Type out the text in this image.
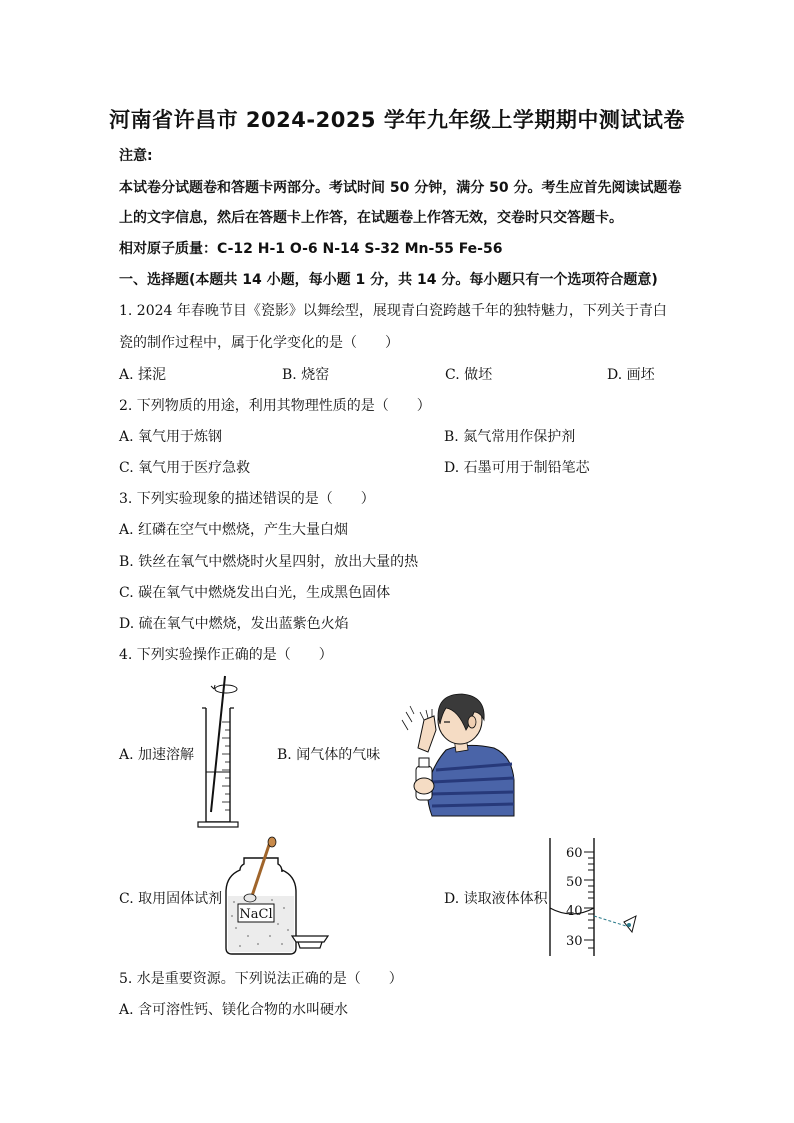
河南省许昌市 2024-2025 学年九年级上学期期中测试试卷
注意:
本试卷分试题卷和答题卡两部分。考试时间 50 分钟，满分 50 分。考生应首先阅读试题卷
上的文字信息，然后在答题卡上作答，在试题卷上作答无效，交卷时只交答题卡。
相对原子质量：C-12 H-1 O-6 N-14 S-32 Mn-55 Fe-56
一、选择题(本题共 14 小题，每小题 1 分，共 14 分。每小题只有一个选项符合题意)
1. 2024 年春晚节目《瓷影》以舞绘型，展现青白瓷跨越千年的独特魅力，下列关于青白
瓷的制作过程中，属于化学变化的是（　　）
A. 揉泥	B. 烧窑	C. 做坯	D. 画坯
2. 下列物质的用途，利用其物理性质的是（　　）
A. 氧气用于炼钢	B. 氮气常用作保护剂
C. 氧气用于医疗急救	D. 石墨可用于制铅笔芯
3. 下列实验现象的描述错误的是（　　）
A. 红磷在空气中燃烧，产生大量白烟
B. 铁丝在氧气中燃烧时火星四射，放出大量的热
C. 碳在氧气中燃烧发出白光，生成黑色固体
D. 硫在氧气中燃烧，发出蓝紫色火焰
4. 下列实验操作正确的是（　　）
A. 加速溶解	B. 闻气体的气味
C. 取用固体试剂
NaCl
D. 读取液体体积
60
50
40
30
5. 水是重要资源。下列说法正确的是（　　）
A. 含可溶性钙、镁化合物的水叫硬水
